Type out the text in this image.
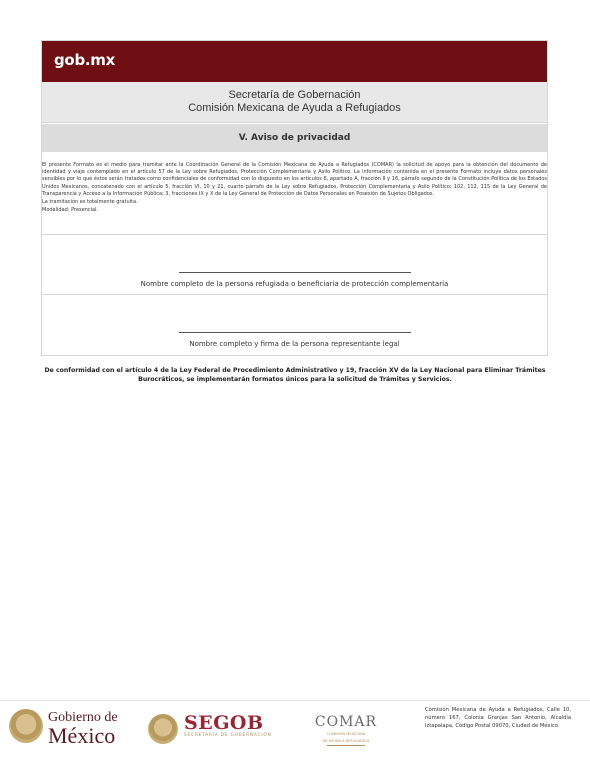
gob.mx
Secretaría de Gobernación
Comisión Mexicana de Ayuda a Refugiados
V. Aviso de privacidad

El presente Formato es el medio para tramitar ante la Coordinación General de la Comisión Mexicana de Ayuda a Refugiados (COMAR) la solicitud de apoyo para la obtención del documento de identidad y viaje contemplado en el artículo 57 de la Ley sobre Refugiados, Protección Complementaria y Asilo Político. La información contenida en el presente Formato incluye datos personales sensibles por lo que éstos serán tratados como confidenciales de conformidad con lo dispuesto en los artículos 6, apartado A, fracción II y 16, párrafo segundo de la Constitución Política de los Estados Unidos Mexicanos, concatenado con el artículo 5, fracción VI, 10 y 21, cuarto párrafo de la Ley sobre Refugiados, Protección Complementaria y Asilo Político; 102, 112, 115 de la Ley General de Transparencia y Acceso a la Información Pública; 3, fracciones IX y X de la Ley General de Protección de Datos Personales en Posesión de Sujetos Obligados.

La tramitación es totalmente gratuita.

Modalidad: Presencial.

Nombre completo de la persona refugiada o beneficiaria de protección complementaria
Nombre completo y firma de la persona representante legal
De conformidad con el artículo 4 de la Ley Federal de Procedimiento Administrativo y 19, fracción XV de la Ley Nacional para Eliminar Trámites Burocráticos, se implementarán formatos únicos para la solicitud de Trámites y Servicios.
Gobierno de
México	SEGOB
SECRETARÍA DE GOBERNACIÓN
COMAR
COMISIÓN MEXICANA
DE AYUDA A REFUGIADOS
Comisión Mexicana de Ayuda a Refugiados, Calle 10, número 167, Colonia Granjas San Antonio, Alcaldía Iztapalapa, Código Postal 09070, Ciudad de México.
